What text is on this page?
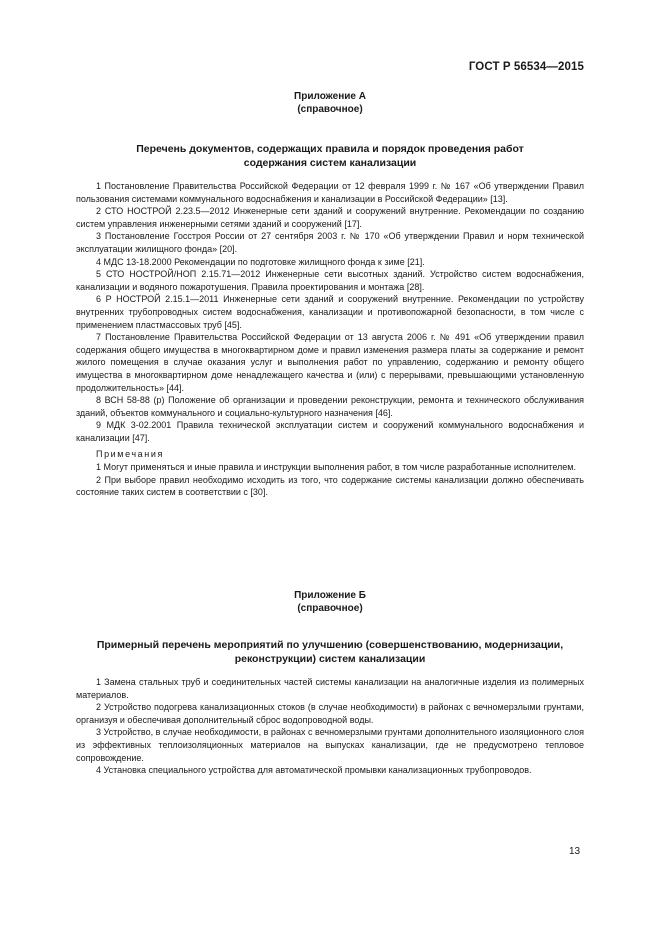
ГОСТ Р 56534—2015
Приложение А
(справочное)
Перечень документов, содержащих правила и порядок проведения работ
содержания систем канализации

1 Постановление Правительства Российской Федерации от 12 февраля 1999 г. № 167 «Об утверждении Правил пользования системами коммунального водоснабжения и канализации в Российской Федерации» [13].

2 СТО НОСТРОЙ 2.23.5—2012 Инженерные сети зданий и сооружений внутренние. Рекомендации по созданию систем управления инженерными сетями зданий и сооружений [17].

3 Постановление Госстроя России от 27 сентября 2003 г. № 170 «Об утверждении Правил и норм технической эксплуатации жилищного фонда» [20].

4 МДС 13-18.2000 Рекомендации по подготовке жилищного фонда к зиме [21].

5 СТО НОСТРОЙ/НОП 2.15.71—2012 Инженерные сети высотных зданий. Устройство систем водоснабжения, канализации и водяного пожаротушения. Правила проектирования и монтажа [28].

6 Р НОСТРОЙ 2.15.1—2011 Инженерные сети зданий и сооружений внутренние. Рекомендации по устройству внутренних трубопроводных систем водоснабжения, канализации и противопожарной безопасности, в том числе с применением пластмассовых труб [45].

7 Постановление Правительства Российской Федерации от 13 августа 2006 г. № 491 «Об утверждении правил содержания общего имущества в многоквартирном доме и правил изменения размера платы за содержание и ремонт жилого помещения в случае оказания услуг и выполнения работ по управлению, содержанию и ремонту общего имущества в многоквартирном доме ненадлежащего качества и (или) с перерывами, превышающими установленную продолжительность» [44].

8 ВСН 58-88 (р) Положение об организации и проведении реконструкции, ремонта и технического обслуживания зданий, объектов коммунального и социально-культурного назначения [46].

9 МДК 3-02.2001 Правила технической эксплуатации систем и сооружений коммунального водоснабжения и канализации [47].

Примечания

1 Могут применяться и иные правила и инструкции выполнения работ, в том числе разработанные исполнителем.

2 При выборе правил необходимо исходить из того, что содержание системы канализации должно обеспечивать состояние таких систем в соответствии с [30].

Приложение Б
(справочное)
Примерный перечень мероприятий по улучшению (совершенствованию, модернизации,
реконструкции) систем канализации

1 Замена стальных труб и соединительных частей системы канализации на аналогичные изделия из полимерных материалов.

2 Устройство подогрева канализационных стоков (в случае необходимости) в районах с вечномерзлыми грунтами, организуя и обеспечивая дополнительный сброс водопроводной воды.

3 Устройство, в случае необходимости, в районах с вечномерзлыми грунтами дополнительного изоляционного слоя из эффективных теплоизоляционных материалов на выпусках канализации, где не предусмотрено тепловое сопровождение.

4 Установка специального устройства для автоматической промывки канализационных трубопроводов.

13
